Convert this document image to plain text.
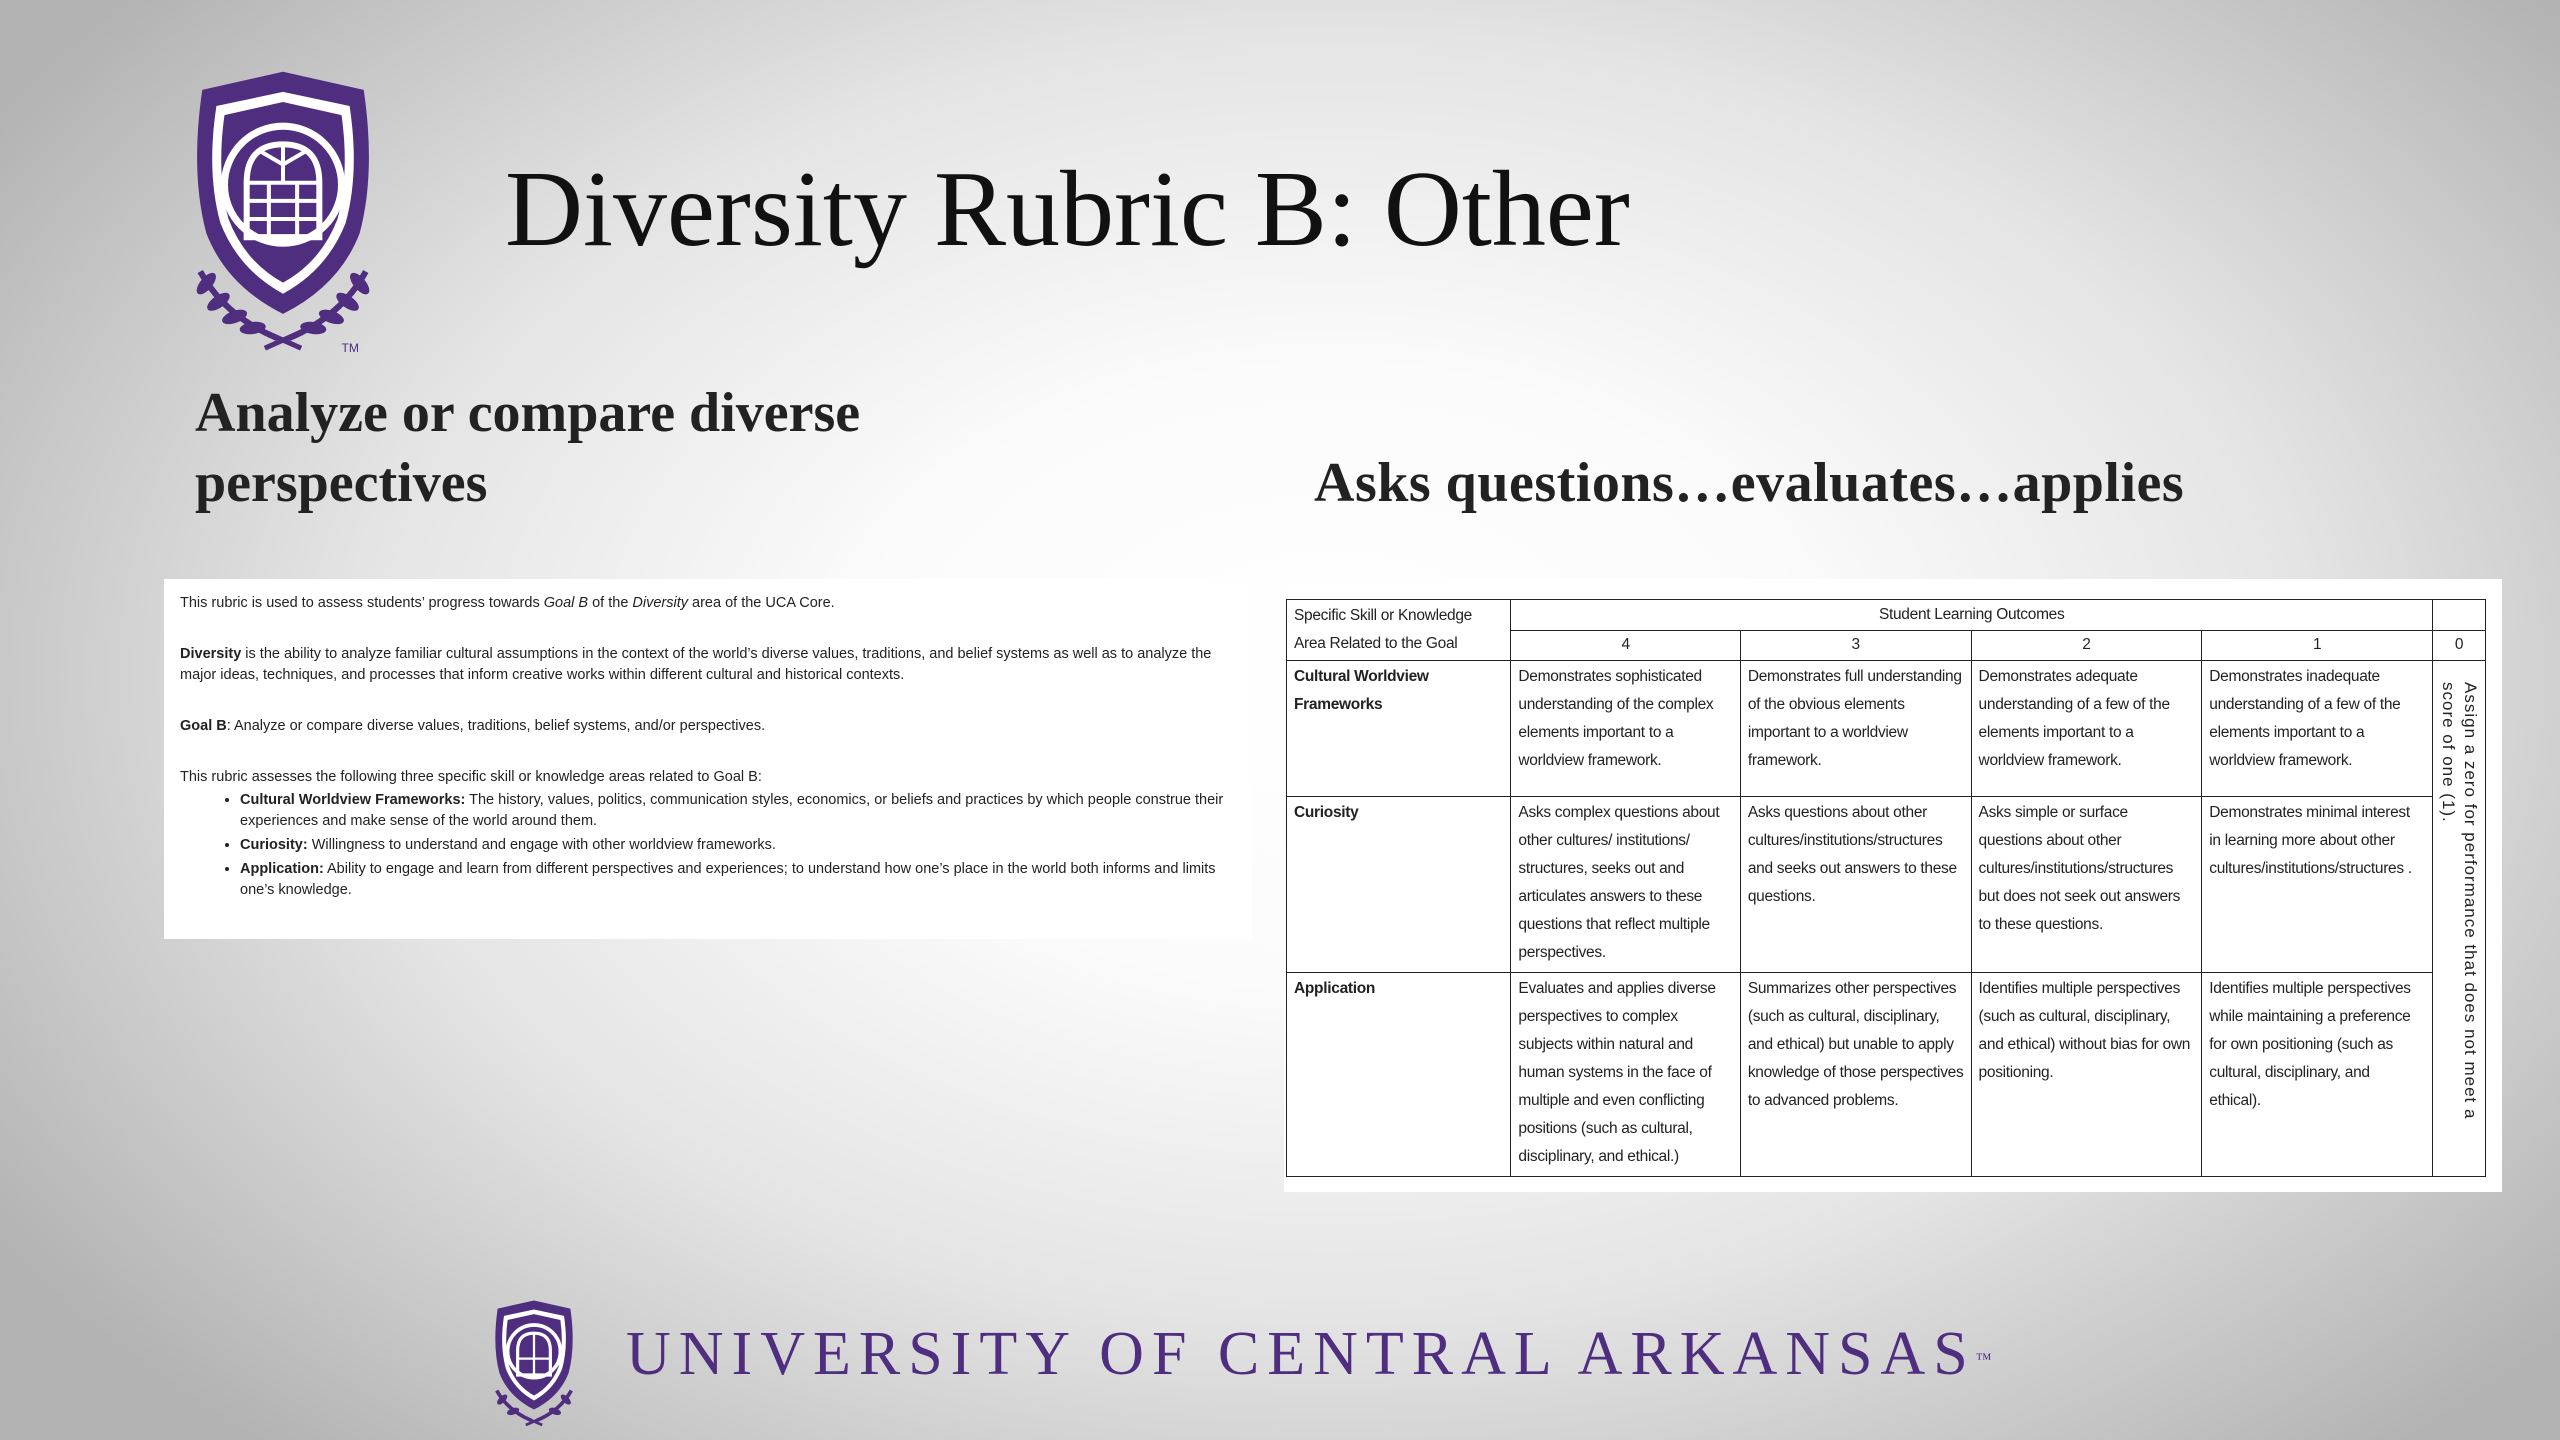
TM
Diversity Rubric B: Other
Analyze or compare diverse perspectives	Asks questions…evaluates…applies

This rubric is used to assess students’ progress towards Goal B of the Diversity area of the UCA Core.

Diversity is the ability to analyze familiar cultural assumptions in the context of the world’s diverse values, traditions, and belief systems as well as to analyze the major ideas, techniques, and processes that inform creative works within different cultural and historical contexts.

Goal B: Analyze or compare diverse values, traditions, belief systems, and/or perspectives.

This rubric assesses the following three specific skill or knowledge areas related to Goal B:

• Cultural Worldview Frameworks: The history, values, politics, communication styles, economics, or beliefs and practices by which people construe their experiences and make sense of the world around them.
• Curiosity: Willingness to understand and engage with other worldview frameworks.
• Application: Ability to engage and learn from different perspectives and experiences; to understand how one’s place in the world both informs and limits one’s knowledge.
Specific Skill or Knowledge Area Related to the Goal	Student Learning Outcomes				
	4	3	2	1	0
Cultural Worldview Frameworks	Demonstrates sophisticated understanding of the complex elements important to a worldview framework.	Demonstrates full understanding of the obvious elements important to a worldview framework.	Demonstrates adequate understanding of a few of the elements important to a worldview framework.	Demonstrates inadequate understanding of a few of the elements important to a worldview framework.	Assign a zero for performance that does not meet a score of one (1).

Curiosity	Asks complex questions about other cultures/ institutions/ structures, seeks out and articulates answers to these questions that reflect multiple perspectives.	Asks questions about other cultures/institutions/structures and seeks out answers to these questions.	Asks simple or surface questions about other cultures/institutions/structures but does not seek out answers to these questions.	Demonstrates minimal interest in learning more about other cultures/institutions/structures .	
Application	Evaluates and applies diverse perspectives to complex subjects within natural and human systems in the face of multiple and even conflicting positions (such as cultural, disciplinary, and ethical.)	Summarizes other perspectives (such as cultural, disciplinary, and ethical) but unable to apply knowledge of those perspectives to advanced problems.	Identifies multiple perspectives (such as cultural, disciplinary, and ethical) without bias for own positioning.	Identifies multiple perspectives while maintaining a preference for own positioning (such as cultural, disciplinary, and ethical).	
UNIVERSITY OF CENTRAL ARKANSAS™
